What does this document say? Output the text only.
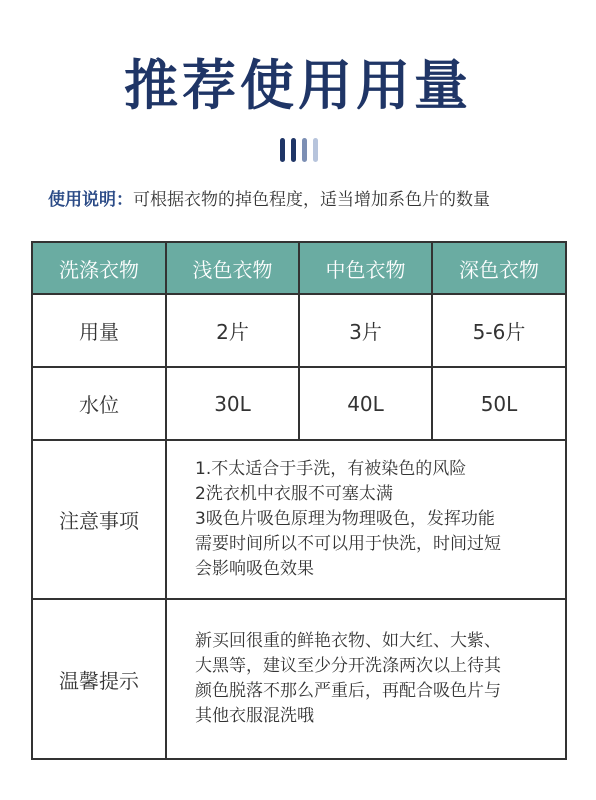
推荐使用用量
使用说明：可根据衣物的掉色程度，适当增加系色片的数量
洗涤衣物	浅色衣物	中色衣物	深色衣物
用量	2片	3片	5-6片
水位	30L	40L	50L
注意事项	1.不太适合于手洗，有被染色的风险
2洗衣机中衣服不可塞太满
3吸色片吸色原理为物理吸色，发挥功能
需要时间所以不可以用于快洗，时间过短
会影响吸色效果		

温馨提示	新买回很重的鲜艳衣物、如大红、大紫、
大黑等，建议至少分开洗涤两次以上待其
颜色脱落不那么严重后，再配合吸色片与
其他衣服混洗哦		
